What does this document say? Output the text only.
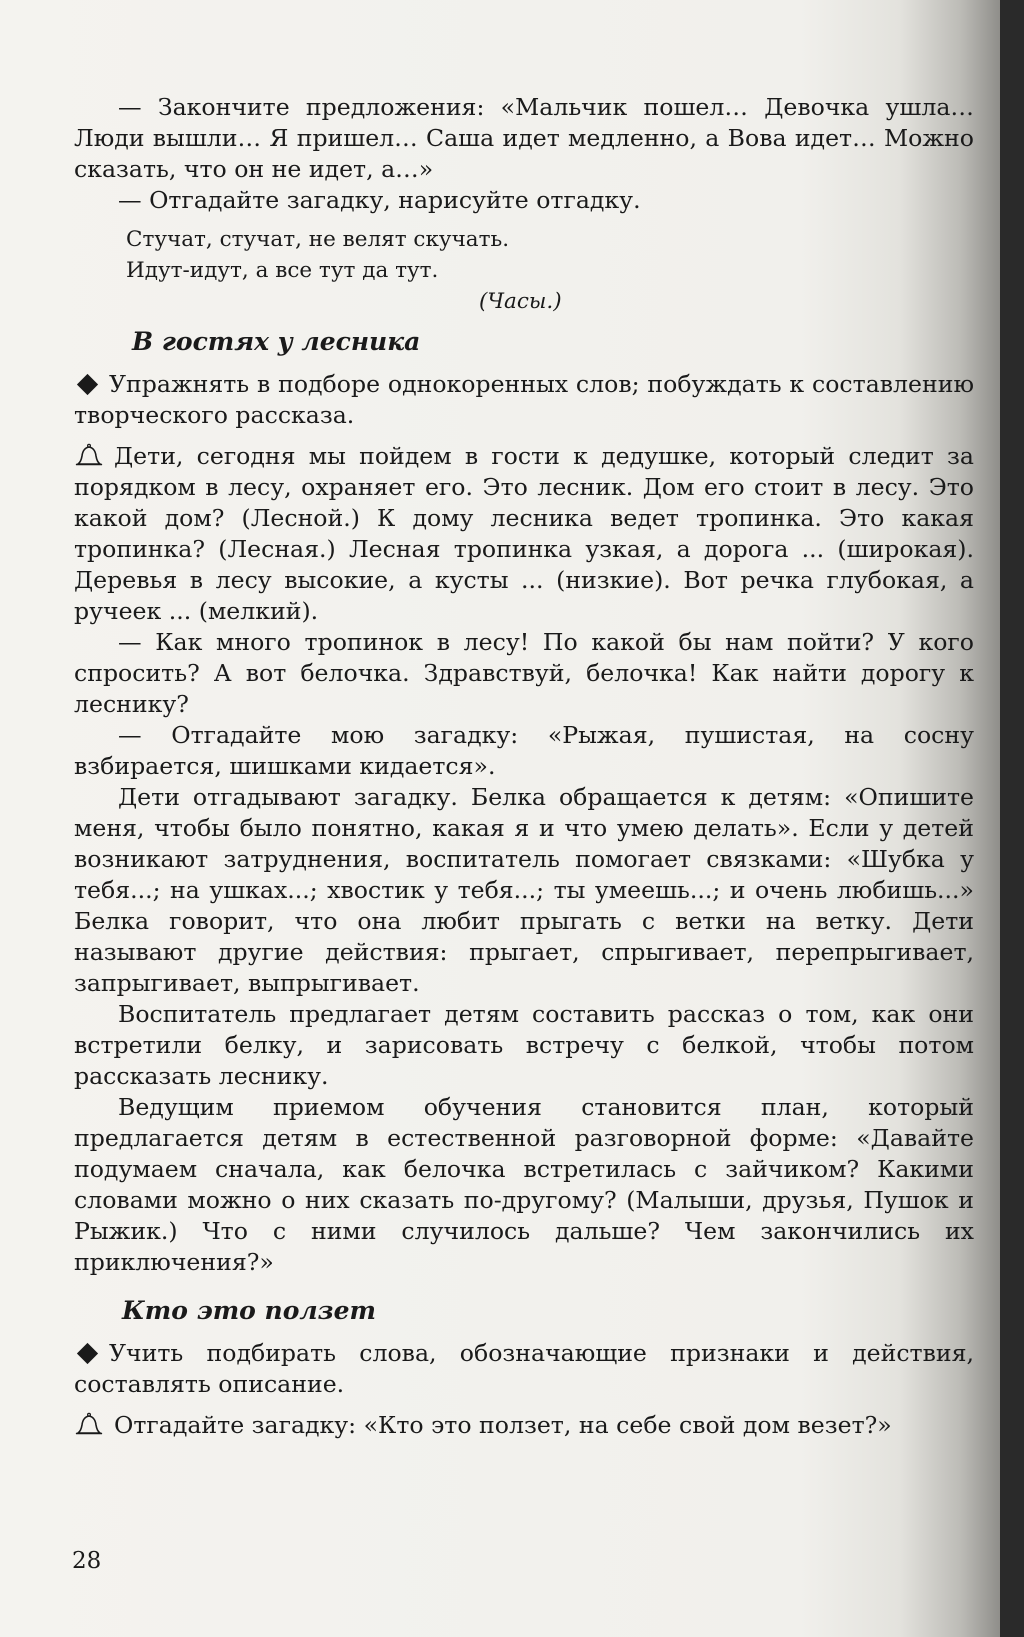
— Закончите предложения: «Мальчик пошел… Девочка ушла… Люди вышли… Я пришел… Саша идет медленно, а Вова идет… Можно сказать, что он не идет, а…»

— Отгадайте загадку, нарисуйте отгадку.

Стучат, стучат, не велят скучать.
Идут-идут, а все тут да тут.

(Часы.)

В гостях у лесника

Упражнять в подборе однокоренных слов; побуждать к составлению творческого рассказа.

Дети, сегодня мы пойдем в гости к дедушке, который следит за порядком в лесу, охраняет его. Это лесник. Дом его стоит в лесу. Это какой дом? (Лесной.) К дому лесника ведет тропинка. Это какая тропинка? (Лесная.) Лесная тропинка узкая, а дорога ... (широкая). Деревья в лесу высокие, а кусты ... (низкие). Вот речка глубокая, а ручеек ... (мелкий).

— Как много тропинок в лесу! По какой бы нам пойти? У кого спросить? А вот белочка. Здравствуй, белочка! Как найти дорогу к леснику?

— Отгадайте мою загадку: «Рыжая, пушистая, на сосну взбирается, шишками кидается».

Дети отгадывают загадку. Белка обращается к детям: «Опишите меня, чтобы было понятно, какая я и что умею делать». Если у детей возникают затруднения, воспитатель помогает связками: «Шубка у тебя...; на ушках...; хвостик у тебя...; ты умеешь...; и очень любишь...» Белка говорит, что она любит прыгать с ветки на ветку. Дети называют другие действия: прыгает, спрыгивает, перепрыгивает, запрыгивает, выпрыгивает.

Воспитатель предлагает детям составить рассказ о том, как они встретили белку, и зарисовать встречу с белкой, чтобы потом рассказать леснику.

Ведущим приемом обучения становится план, который предлагается детям в естественной разговорной форме: «Давайте подумаем сначала, как белочка встретилась с зайчиком? Какими словами можно о них сказать по-другому? (Малыши, друзья, Пушок и Рыжик.) Что с ними случилось дальше? Чем закончились их приключения?»

Кто это ползет

Учить подбирать слова, обозначающие признаки и действия, составлять описание.

Отгадайте загадку: «Кто это ползет, на себе свой дом везет?»

28
